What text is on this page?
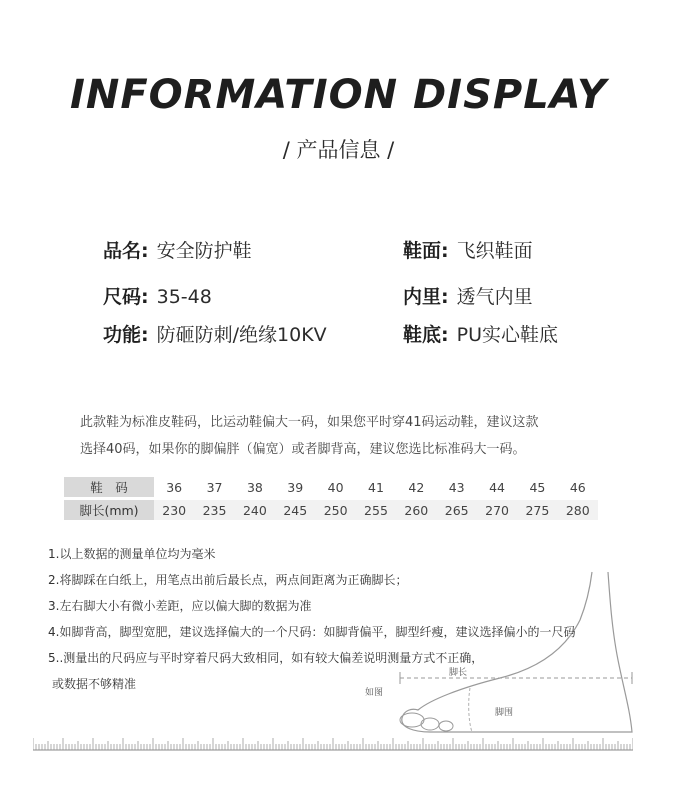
INFORMATION DISPLAY
/ 产品信息 /
品名: 安全防护鞋	鞋面: 飞织鞋面
尺码: 35-48	内里: 透气内里
功能: 防砸防刺/绝缘10KV	鞋底: PU实心鞋底
此款鞋为标准皮鞋码，比运动鞋偏大一码，如果您平时穿41码运动鞋，建议这款
选择40码，如果你的脚偏胖（偏宽）或者脚背高，建议您选比标准码大一码。
鞋　码	36	37	38	39	40	41	42	43	44	45	46
脚长(mm)	230	235	240	245	250	255	260	265	270	275	280
脚长
如图
脚围
1.以上数据的测量单位均为毫米
2.将脚踩在白纸上，用笔点出前后最长点，两点间距离为正确脚长；
3.左右脚大小有微小差距，应以偏大脚的数据为准
4.如脚背高，脚型宽肥，建议选择偏大的一个尺码：如脚背偏平，脚型纤瘦，建议选择偏小的一尺码
5..测量出的尺码应与平时穿着尺码大致相同，如有较大偏差说明测量方式不正确，
或数据不够精准
